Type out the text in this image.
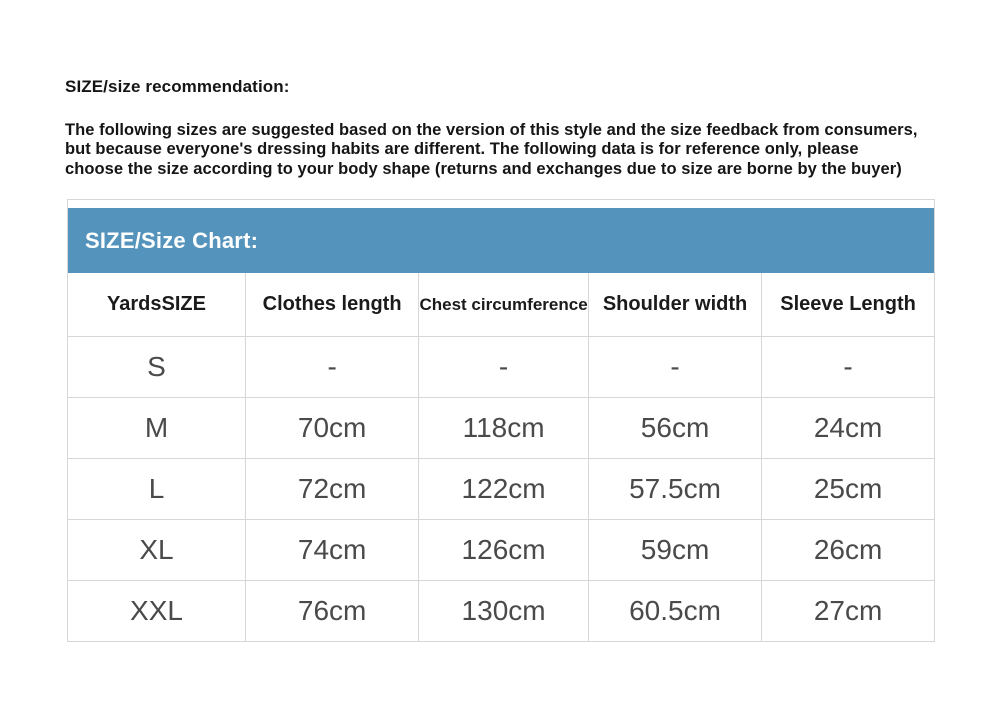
SIZE/size recommendation:
The following sizes are suggested based on the version of this style and the size feedback from consumers,
but because everyone's dressing habits are different. The following data is for reference only, please
choose the size according to your body shape (returns and exchanges due to size are borne by the buyer)
SIZE/Size Chart:
YardsSIZE	Clothes length	Chest circumference	Shoulder width	Sleeve Length
S	-	-	-	-
M	70cm	118cm	56cm	24cm
L	72cm	122cm	57.5cm	25cm
XL	74cm	126cm	59cm	26cm
XXL	76cm	130cm	60.5cm	27cm
